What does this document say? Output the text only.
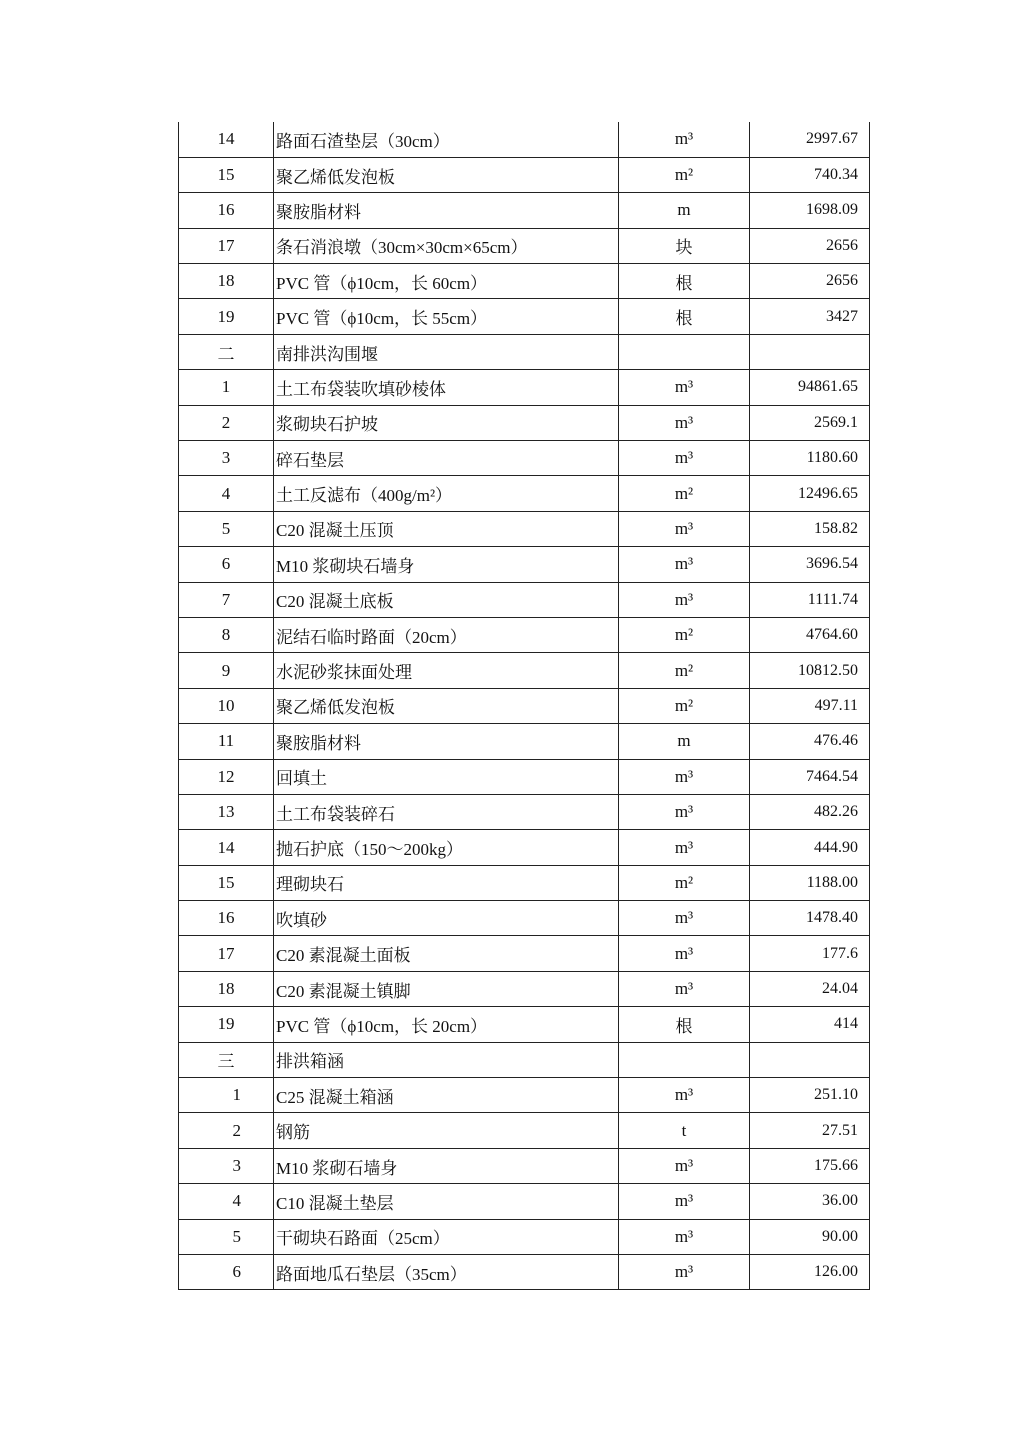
14	路面石渣垫层（30cm）	m³	2997.67
15	聚乙烯低发泡板	m²	740.34
16	聚胺脂材料	m	1698.09
17	条石消浪墩（30cm×30cm×65cm）	块	2656
18	PVC 管（ϕ10cm，长 60cm）	根	2656
19	PVC 管（ϕ10cm，长 55cm）	根	3427
二	南排洪沟围堰		
1	土工布袋装吹填砂棱体	m³	94861.65
2	浆砌块石护坡	m³	2569.1
3	碎石垫层	m³	1180.60
4	土工反滤布（400g/m²）	m²	12496.65
5	C20 混凝土压顶	m³	158.82
6	M10 浆砌块石墙身	m³	3696.54
7	C20 混凝土底板	m³	1111.74
8	泥结石临时路面（20cm）	m²	4764.60
9	水泥砂浆抹面处理	m²	10812.50
10	聚乙烯低发泡板	m²	497.11
11	聚胺脂材料	m	476.46
12	回填土	m³	7464.54
13	土工布袋装碎石	m³	482.26
14	抛石护底（150～200kg）	m³	444.90
15	理砌块石	m²	1188.00
16	吹填砂	m³	1478.40
17	C20 素混凝土面板	m³	177.6
18	C20 素混凝土镇脚	m³	24.04
19	PVC 管（ϕ10cm，长 20cm）	根	414
三	排洪箱涵		
1	C25 混凝土箱涵	m³	251.10
2	钢筋	t	27.51
3	M10 浆砌石墙身	m³	175.66
4	C10 混凝土垫层	m³	36.00
5	干砌块石路面（25cm）	m³	90.00
6	路面地瓜石垫层（35cm）	m³	126.00
